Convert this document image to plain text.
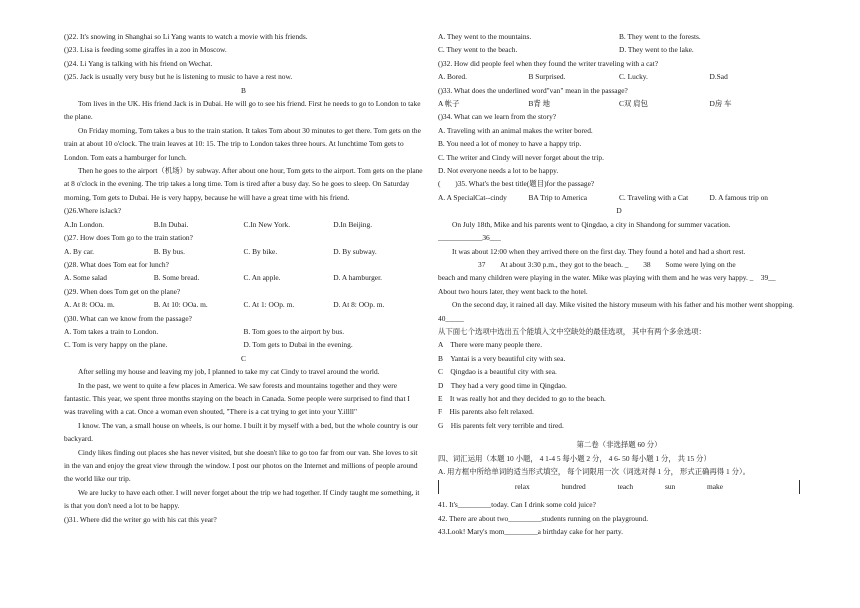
()22. It's snowing in Shanghai so Li Yang wants to watch a movie with his friends.
()23. Lisa is feeding some giraffes in a zoo in Moscow.
()24. Li Yang is talking with his friend on Wechat.
()25. Jack is usually very busy but he is listening to music to have a rest now.
B
Tom lives in the UK. His friend Jack is in Dubai. He will go to see his friend. First he needs to go to London to take the plane.
On Friday morning, Tom takes a bus to the train station. It takes Tom about 30 minutes to get there. Tom gets on the train at about 10 o'clock. The train leaves at 10: 15. The trip to London takes three hours. At lunchtime Tom gets to London. Tom eats a hamburger for lunch.
Then he goes to the airport（机场）by subway. After about one hour, Tom gets to the airport. Tom gets on the plane at 8 o'clock in the evening. The trip takes a long time. Tom is tired after a busy day. So he goes to sleep. On Saturday morning, Tom gets to Dubai. He is very happy, because he will have a great time with his friend.
()26.Where isJack?
A.In London.	B.In Dubai.	C.In New York.	D.In Beijing.
()27. How does Tom go to the train station?
A. By car.	B. By bus.	C. By bike.	D. By subway.
()28. What does Tom eat for lunch?
A. Some salad	B. Some bread.	C. An apple.	D. A hamburger.
()29. When does Tom get on the plane?
A. At 8: OOa. m.	B. At 10: OOa. m.	C. At 1: OOp. m.	D. At 8: OOp. m.
()30. What can we know from the passage?
A. Tom takes a train to London.	B. Tom goes to the airport by bus.
C. Tom is very happy on the plane.	D. Tom gets to Dubai in the evening.
C
After selling my house and leaving my job, I planned to take my cat Cindy to travel around the world.
In the past, we went to quite a few places in America. We saw forests and mountains together and they were fantastic. This year, we spent three months staying on the beach in Canada. Some people were surprised to find that I was traveling with a cat. Once a woman even shouted, "There is a cat trying to get into your Y.illll"
I know. The van, a small house on wheels, is our home. I built it by myself with a bed, but the whole country is our backyard.
Cindy likes finding out places she has never visited, but she doesn't like to go too far from our van. She loves to sit in the van and enjoy the great view through the window. I post our photos on the Internet and millions of people around the world like our trip.
We are lucky to have each other. I will never forget about the trip we had together. If Cindy taught me something, it is that you don't need a lot to be happy.
()31. Where did the writer go with his cat this year?
A. They went to the mountains.	B. They went to the forests.
C. They went to the beach.	D. They went to the lake.
()32. How did people feel when they found the writer traveling with a cat?
A. Bored.	B Surprised.	C. Lucky.	D.Sad
()33. What does the underlined word"van" mean in the passage?
A 帐子	B背 地	C双 肩包	D房 车
()34. What can we learn from the story?
A. Traveling with an animal makes the writer bored.
B. You need a lot of money to have a happy trip.
C. The writer and Cindy will never forget about the trip.
D. Not everyone needs a lot to be happy.
(　　)35. What's the best title(题目)for the passage?
A. A SpecialCat--cindy	BA Trip to America	C. Traveling with a Cat	D. A famous trip on
D
On July 18th, Mike and his parents went to Qingdao, a city in Shandong for summer vacation.
____________36___
It was about 12:00 when they arrived there on the first day. They found a hotel and had a short rest.
37　　At about 3:30 p.m., they got to the beach. _　　38　　Some were lying on the
beach and many children were playing in the water. Mike was playing with them and he was very happy. _　39__　About two hours later, they went back to the hotel.
On the second day, it rained all day. Mike visited the history museum with his father and his mother went shopping.　　40_____
从下面七个选项中选出五个能填入文中空缺处的最佳选项， 其中有两个多余选项：
A　There were many people there.
B　Yantai is a very beautiful city with sea.
C　Qingdao is a beautiful city with sea.
D　They had a very good time in Qingdao.
E　It was really hot and they decided to go to the beach.
F　His parents also felt relaxed.
G　His parents felt very terrible and tired.
第二卷（非选择题 60 分）
四、词汇运用（本题 10 小题， 4 1-4 5 每小题 2 分， 4 6- 50 每小题 1 分， 共 15 分）
A. 用方框中所给单词的适当形式填空， 每个词限用一次（词选对得 1 分， 形式正确再得 1 分）。
relax	hundred	teach	sun	make
41. It's_________today. Can I drink some cold juice?
42. There are about two_________students running on the playground.
43.Look! Mary's mom_________a birthday cake for her party.
